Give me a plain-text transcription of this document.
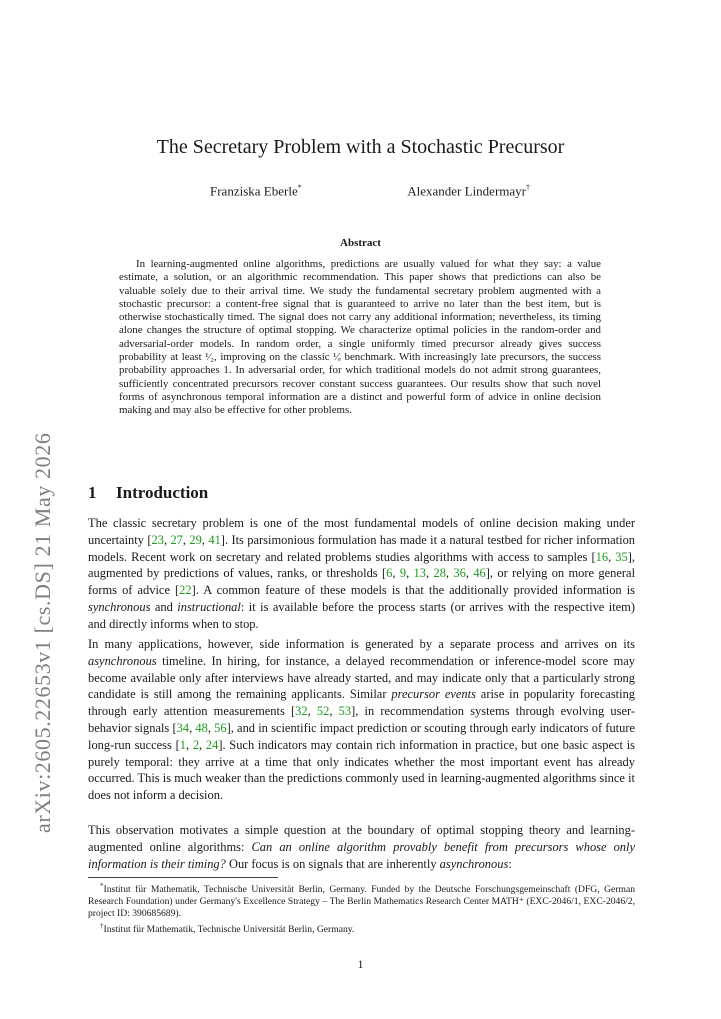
arXiv:2605.22653v1 [cs.DS] 21 May 2026
The Secretary Problem with a Stochastic Precursor
Franziska Eberle*	Alexander Lindermayr†
Abstract
In learning-augmented online algorithms, predictions are usually valued for what they say: a value estimate, a solution, or an algorithmic recommendation. This paper shows that predictions can also be valuable solely due to their arrival time. We study the fundamental secretary problem augmented with a stochastic precursor: a content-free signal that is guaranteed to arrive no later than the best item, but is otherwise stochastically timed. The signal does not carry any additional information; nevertheless, its timing alone changes the structure of optimal stopping. We characterize optimal policies in the random-order and adversarial-order models. In random order, a single uniformly timed precursor already gives success probability at least ¹⁄₂, improving on the classic ¹⁄ₑ benchmark. With increasingly late precursors, the success probability approaches 1. In adversarial order, for which traditional models do not admit strong guarantees, sufficiently concentrated precursors recover constant success guarantees. Our results show that such novel forms of asynchronous temporal information are a distinct and powerful form of advice in online decision making and may also be effective for other problems.
1 Introduction
The classic secretary problem is one of the most fundamental models of online decision making under uncertainty [23, 27, 29, 41]. Its parsimonious formulation has made it a natural testbed for richer information models. Recent work on secretary and related problems studies algorithms with access to samples [16, 35], augmented by predictions of values, ranks, or thresholds [6, 9, 13, 28, 36, 46], or relying on more general forms of advice [22]. A common feature of these models is that the additionally provided information is synchronous and instructional: it is available before the process starts (or arrives with the respective item) and directly informs when to stop.
In many applications, however, side information is generated by a separate process and arrives on its asynchronous timeline. In hiring, for instance, a delayed recommendation or inference-model score may become available only after interviews have already started, and may indicate only that a particularly strong candidate is still among the remaining applicants. Similar precursor events arise in popularity forecasting through early attention measurements [32, 52, 53], in recommendation systems through evolving user-behavior signals [34, 48, 56], and in scientific impact prediction or scouting through early indicators of future long-run success [1, 2, 24]. Such indicators may contain rich information in practice, but one basic aspect is purely temporal: they arrive at a time that only indicates whether the most important event has already occurred. This is much weaker than the predictions commonly used in learning-augmented algorithms since it does not inform a decision.
This observation motivates a simple question at the boundary of optimal stopping theory and learning-augmented online algorithms: Can an online algorithm provably benefit from precursors whose only information is their timing? Our focus is on signals that are inherently asynchronous:
*Institut für Mathematik, Technische Universität Berlin, Germany. Funded by the Deutsche Forschungsgemeinschaft (DFG, German Research Foundation) under Germany's Excellence Strategy – The Berlin Mathematics Research Center MATH⁺ (EXC-2046/1, EXC-2046/2, project ID: 390685689).
†Institut für Mathematik, Technische Universität Berlin, Germany.
1
